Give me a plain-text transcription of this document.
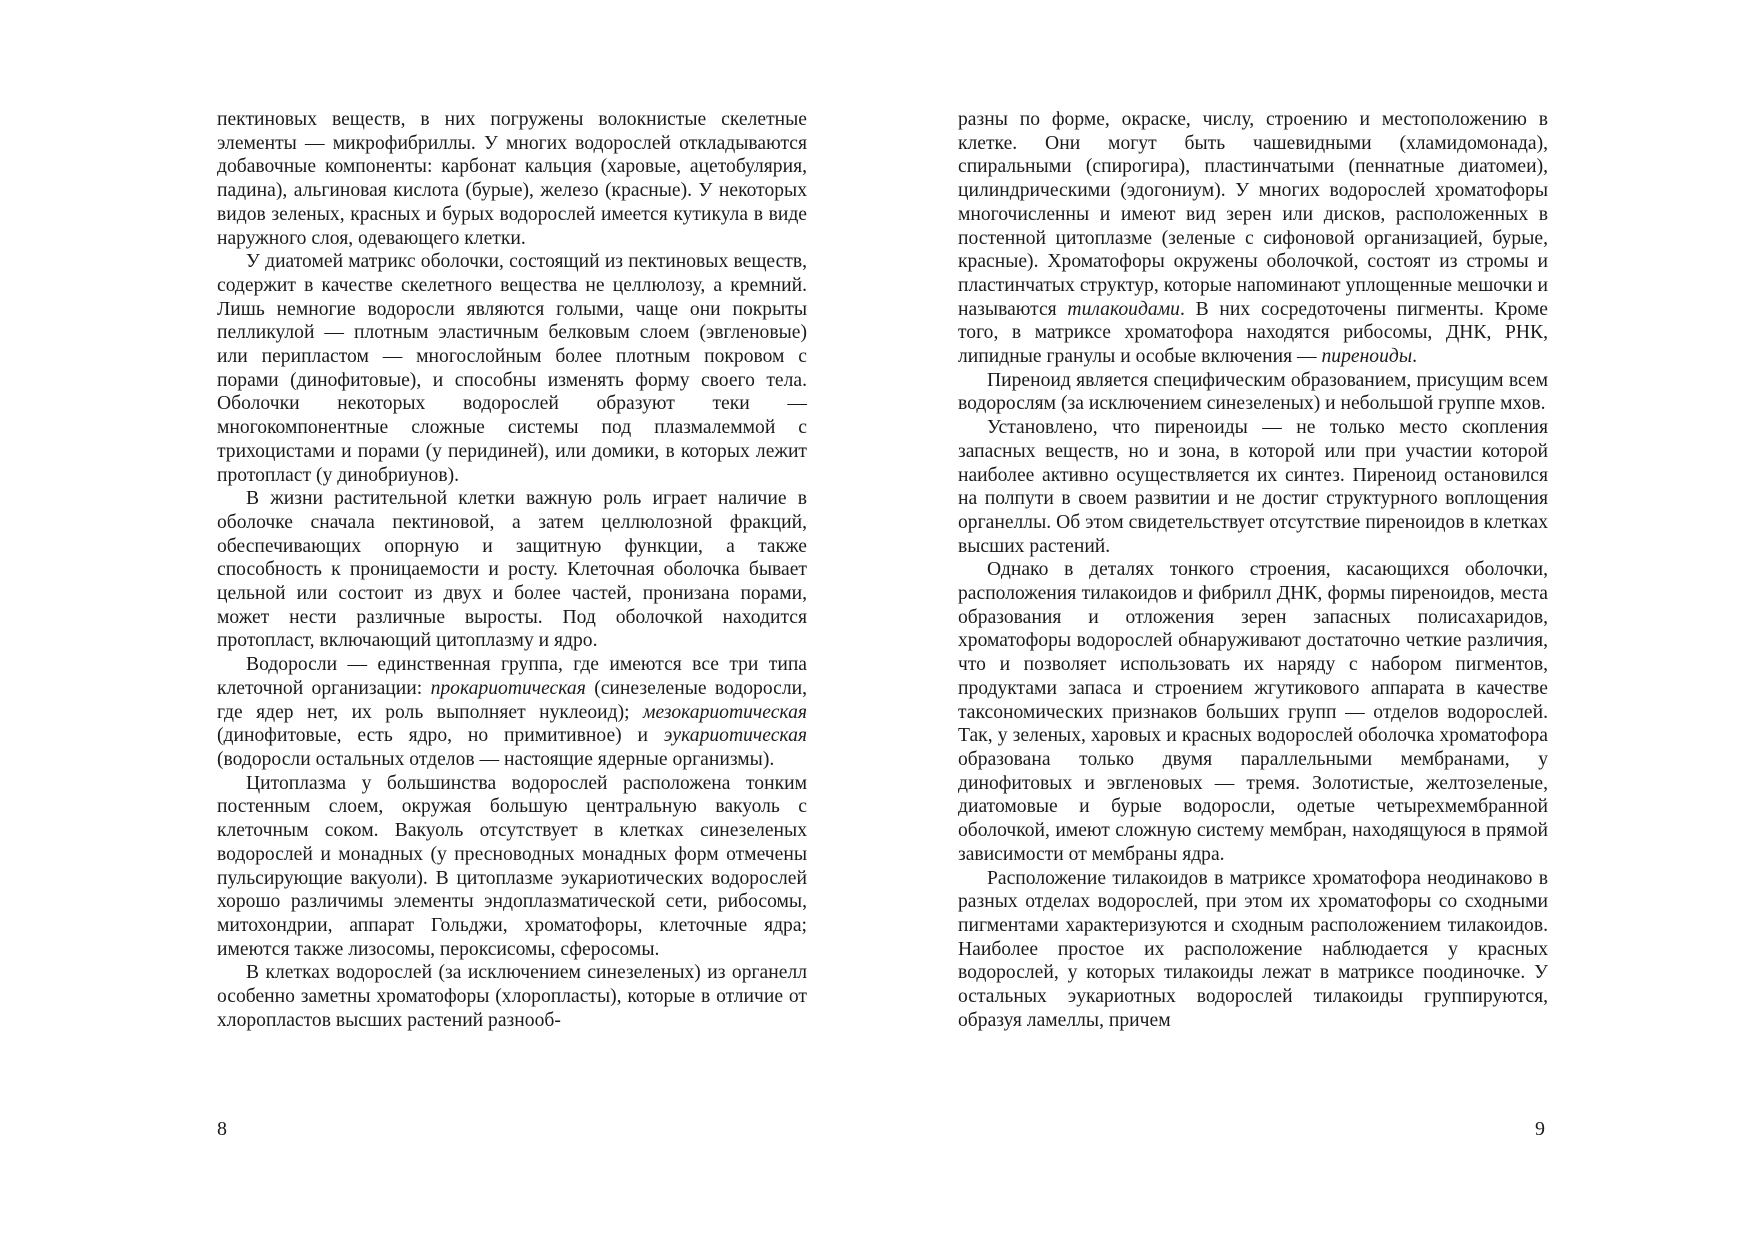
пектиновых веществ, в них погружены волокнистые скелетные элементы — микрофибриллы. У многих водорослей откладываются добавочные компоненты: карбонат кальция (харовые, ацетобулярия, падина), альгиновая кислота (бурые), железо (красные). У некоторых видов зеленых, красных и бурых водорослей имеется кутикула в виде наружного слоя, одевающего клетки.

У диатомей матрикс оболочки, состоящий из пектиновых веществ, содержит в качестве скелетного вещества не целлюлозу, а кремний. Лишь немногие водоросли являются голыми, чаще они покрыты пелликулой — плотным эластичным белковым слоем (эвгленовые) или перипластом — многослойным более плотным покровом с порами (динофитовые), и способны изменять форму своего тела. Оболочки некоторых водорослей образуют теки — многокомпонентные сложные системы под плазмалеммой с трихоцистами и порами (у перидиней), или домики, в которых лежит протопласт (у динобриунов).

В жизни растительной клетки важную роль играет наличие в оболочке сначала пектиновой, а затем целлюлозной фракций, обеспечивающих опорную и защитную функции, а также способность к проницаемости и росту. Клеточная оболочка бывает цельной или состоит из двух и более частей, пронизана порами, может нести различные выросты. Под оболочкой находится протопласт, включающий цитоплазму и ядро.

Водоросли — единственная группа, где имеются все три типа клеточной организации: прокариотическая (синезеленые водоросли, где ядер нет, их роль выполняет нуклеоид); мезокариотическая (динофитовые, есть ядро, но примитивное) и эукариотическая (водоросли остальных отделов — настоящие ядерные организмы).

Цитоплазма у большинства водорослей расположена тонким постенным слоем, окружая большую центральную вакуоль с клеточным соком. Вакуоль отсутствует в клетках синезеленых водорослей и монадных (у пресноводных монадных форм отмечены пульсирующие вакуоли). В цитоплазме эукариотических водорослей хорошо различимы элементы эндоплазматической сети, рибосомы, митохондрии, аппарат Гольджи, хроматофоры, клеточные ядра; имеются также лизосомы, пероксисомы, сферосомы.

В клетках водорослей (за исключением синезеленых) из органелл особенно заметны хроматофоры (хлоропласты), которые в отличие от хлоропластов высших растений разнооб-

8

разны по форме, окраске, числу, строению и местоположению в клетке. Они могут быть чашевидными (хламидомонада), спиральными (спирогира), пластинчатыми (пеннатные диатомеи), цилиндрическими (эдогониум). У многих водорослей хроматофоры многочисленны и имеют вид зерен или дисков, расположенных в постенной цитоплазме (зеленые с сифоновой организацией, бурые, красные). Хроматофоры окружены оболочкой, состоят из стромы и пластинчатых структур, которые напоминают уплощенные мешочки и называются тилакоидами. В них сосредоточены пигменты. Кроме того, в матриксе хроматофора находятся рибосомы, ДНК, РНК, липидные гранулы и особые включения — пиреноиды.

Пиреноид является специфическим образованием, присущим всем водорослям (за исключением синезеленых) и небольшой группе мхов.

Установлено, что пиреноиды — не только место скопления запасных веществ, но и зона, в которой или при участии которой наиболее активно осуществляется их синтез. Пиреноид остановился на полпути в своем развитии и не достиг структурного воплощения органеллы. Об этом свидетельствует отсутствие пиреноидов в клетках высших растений.

Однако в деталях тонкого строения, касающихся оболочки, расположения тилакоидов и фибрилл ДНК, формы пиреноидов, места образования и отложения зерен запасных полисахаридов, хроматофоры водорослей обнаруживают достаточно четкие различия, что и позволяет использовать их наряду с набором пигментов, продуктами запаса и строением жгутикового аппарата в качестве таксономических признаков больших групп — отделов водорослей. Так, у зеленых, харовых и красных водорослей оболочка хроматофора образована только двумя параллельными мембранами, у динофитовых и эвгленовых — тремя. Золотистые, желтозеленые, диатомовые и бурые водоросли, одетые четырехмембранной оболочкой, имеют сложную систему мембран, находящуюся в прямой зависимости от мембраны ядра.

Расположение тилакоидов в матриксе хроматофора неодинаково в разных отделах водорослей, при этом их хроматофоры со сходными пигментами характеризуются и сходным расположением тилакоидов. Наиболее простое их расположение наблюдается у красных водорослей, у которых тилакоиды лежат в матриксе поодиночке. У остальных эукариотных водорослей тилакоиды группируются, образуя ламеллы, причем

9
